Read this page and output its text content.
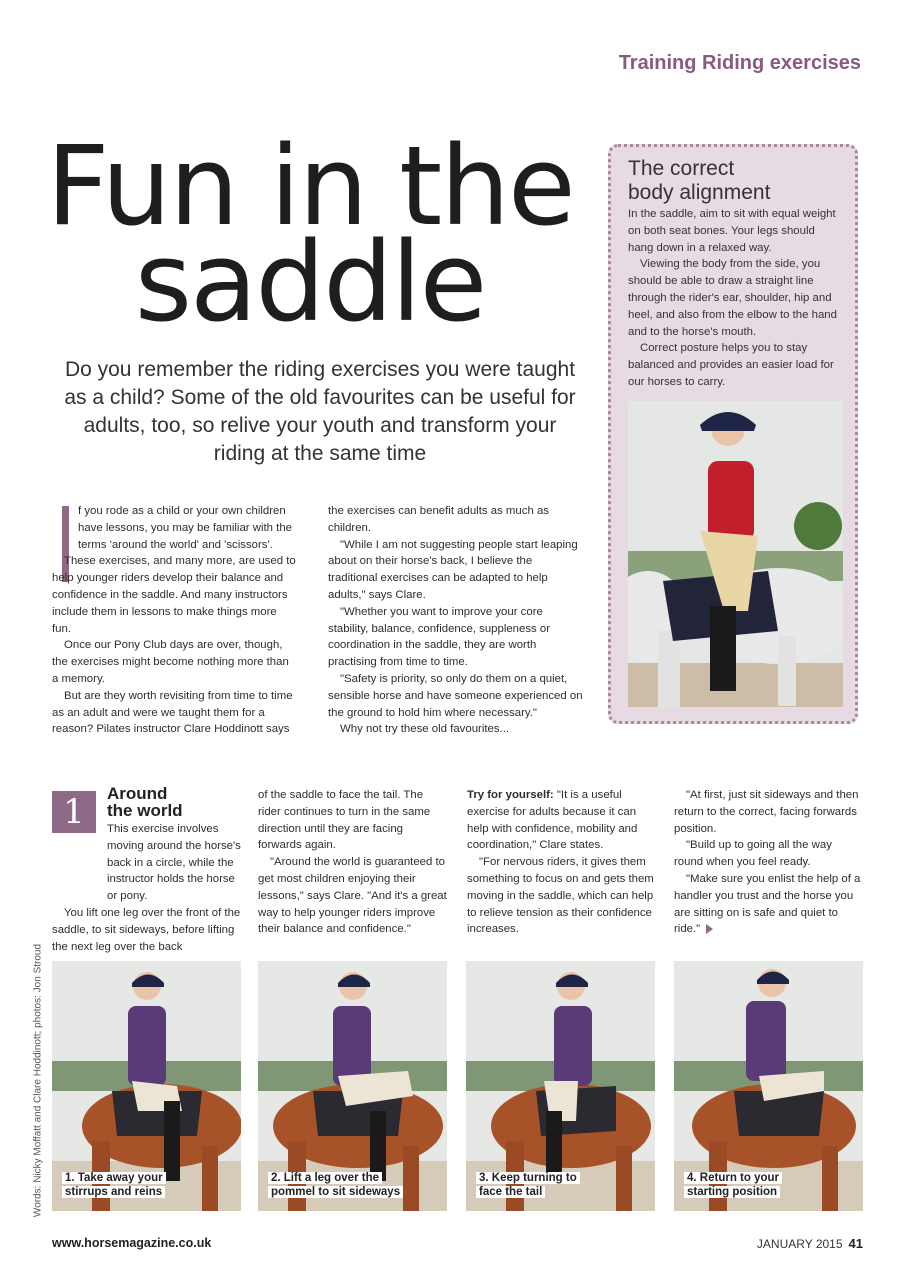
Training Riding exercises
Fun in the
saddle
Do you remember the riding exercises you were taught as a child? Some of the old favourites can be useful for adults, too, so relive your youth and transform your riding at the same time

f you rode as a child or your own children have lessons, you may be familiar with the terms 'around the world' and 'scissors'.

These exercises, and many more, are used to help younger riders develop their balance and confidence in the saddle. And many instructors include them in lessons to make things more fun.

Once our Pony Club days are over, though, the exercises might become nothing more than a memory.

But are they worth revisiting from time to time as an adult and were we taught them for a reason? Pilates instructor Clare Hoddinott says

the exercises can benefit adults as much as children.

"While I am not suggesting people start leaping about on their horse's back, I believe the traditional exercises can be adapted to help adults," says Clare.

"Whether you want to improve your core stability, balance, confidence, suppleness or coordination in the saddle, they are worth practising from time to time.

"Safety is priority, so only do them on a quiet, sensible horse and have someone experienced on the ground to hold him where necessary."

Why not try these old favourites...

The correct
body alignment

In the saddle, aim to sit with equal weight on both seat bones. Your legs should hang down in a relaxed way.

Viewing the body from the side, you should be able to draw a straight line through the rider's ear, shoulder, hip and heel, and also from the elbow to the hand and to the horse's mouth.

Correct posture helps you to stay balanced and provides an easier load for our horses to carry.

1	Around
the world

This exercise involves moving around the horse's back in a circle, while the instructor holds the horse or pony.

You lift one leg over the front of the saddle, to sit sideways, before lifting the next leg over the back

of the saddle to face the tail. The rider continues to turn in the same direction until they are facing forwards again.

"Around the world is guaranteed to get most children enjoying their lessons," says Clare. "And it's a great way to help younger riders improve their balance and confidence."

Try for yourself: "It is a useful exercise for adults because it can help with confidence, mobility and coordination," Clare states.

"For nervous riders, it gives them something to focus on and gets them moving in the saddle, which can help to relieve tension as their confidence increases.

"At first, just sit sideways and then return to the correct, facing forwards position.

"Build up to going all the way round when you feel ready.

"Make sure you enlist the help of a handler you trust and the horse you are sitting on is safe and quiet to ride."

Words: Nicky Moffatt and Clare Hoddinott; photos: Jon Stroud 1. Take away your
stirrups and reins
2. Lift a leg over the
pommel to sit sideways
3. Keep turning to
face the tail
4. Return to your
starting position
www.horsemagazine.co.uk	JANUARY 2015 41
